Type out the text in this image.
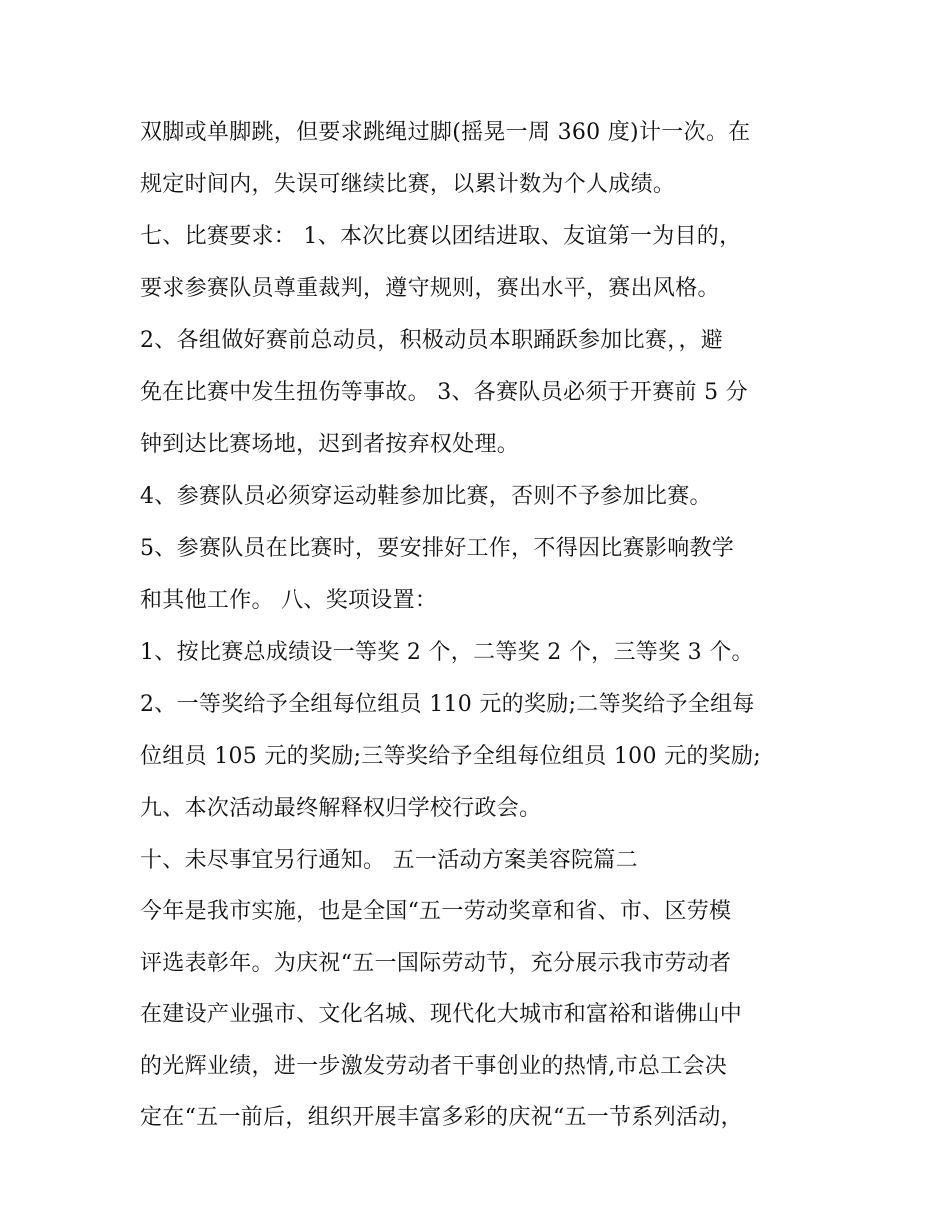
双脚或单脚跳，但要求跳绳过脚(摇晃一周 360 度)计一次。在
规定时间内，失误可继续比赛，以累计数为个人成绩。
七、比赛要求： 1、本次比赛以团结进取、友谊第一为目的，
要求参赛队员尊重裁判，遵守规则，赛出水平，赛出风格。
2、各组做好赛前总动员，积极动员本职踊跃参加比赛，，避
免在比赛中发生扭伤等事故。 3、各赛队员必须于开赛前 5 分
钟到达比赛场地，迟到者按弃权处理。
4、参赛队员必须穿运动鞋参加比赛，否则不予参加比赛。
5、参赛队员在比赛时，要安排好工作，不得因比赛影响教学
和其他工作。 八、奖项设置：
1、按比赛总成绩设一等奖 2 个，二等奖 2 个，三等奖 3 个。
2、一等奖给予全组每位组员 110 元的奖励;二等奖给予全组每
位组员 105 元的奖励;三等奖给予全组每位组员 100 元的奖励;
九、本次活动最终解释权归学校行政会。
十、未尽事宜另行通知。 五一活动方案美容院篇二
今年是我市实施，也是全国“五一劳动奖章和省、市、区劳模
评选表彰年。为庆祝“五一国际劳动节，充分展示我市劳动者
在建设产业强市、文化名城、现代化大城市和富裕和谐佛山中
的光辉业绩，进一步激发劳动者干事创业的热情,市总工会决
定在“五一前后，组织开展丰富多彩的庆祝“五一节系列活动，
